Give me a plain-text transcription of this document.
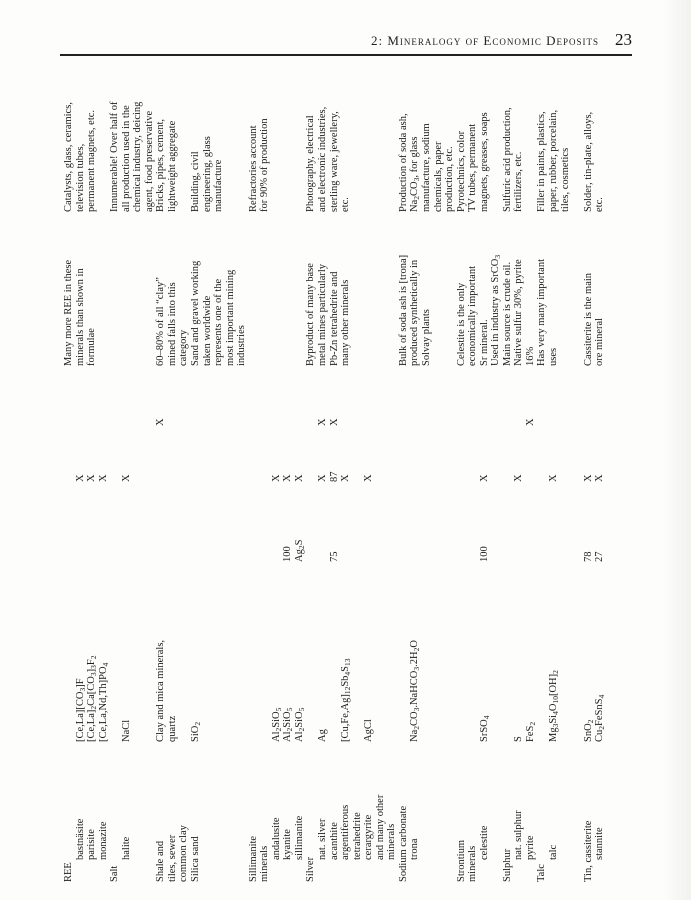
2: Mineralogy of Economic Deposits 23
REE
Many more REE in these
Catalysts, glass, ceramics,
bastnäsite
$[Ce,La][CO_3]F$
X
minerals than shown in
television tubes,
parisite
$[Ce,La]_2Ca[CO_3]_3F_2$
X
formulae
permanent magnets, etc.
monazite
$[Ce,La,Nd,Th]PO_4$
X
Salt
Innumerable! Over half of
halite
NaCl
X
all production used in the chemical industry, deicing agent, food preservative
Shale and
Clay and mica minerals,
X
60–80% of all “clay”
Bricks, pipes, cement,
tiles, sewer
quartz
mined falls into this
lightweight aggregate
common clay
category
Silica sand
SiO$_2$
Sand and gravel working
Building, civil
taken worldwide
engineering, glass
represents one of the
manufacture
most important mining industries
Sillimanite
Refractories account
minerals
for 90% of production
andalusite
$Al_2SiO_5$
X
kyanite
$Al_2SiO_5$
100
X
sillimanite
$Al_2SiO_5$
$Ag_2S$
X
Silver
Byproduct of many base
Photography, electrical
nat. silver
Ag
X
X
metal mines particularly
and electronic industries,
acanthite
75
87
X
Pb-Zn tetrahedrite and
sterling ware, jewellery,
argentiferous
$[Cu,Fe,Ag]_{12}Sb_4S_{13}$
X
many other minerals
etc.
tetrahedrite cerargyrite
AgCl
X
and many other minerals Sodium carbonate
Bulk of soda ash is [trona]
Production of soda ash,
trona
$Na_2CO_3.NaHCO_3.2H_2O$
produced synthetically in
$Na_2CO_3$, for glass
Solvay plants
manufacture, sodium chemicals, paper production, etc.
Strontium
Celestite is the only
Pyrotechnics, color
minerals
economically important
TV tubes, permanent
celestite
SrSO$_4$
100
X
Sr mineral.
magnets, greases, soaps
Used in industry as SrCO$_3$
Sulphur
Main source is crude oil.
Sulfuric acid production,
nat. sulphur
S
X
Native sulfur 30%, pyrite
fertilizers, etc.
pyrite
FeS$_2$
X
16%
Talc
Has very many important
Filler in paints, plastics,
talc
$Mg_3Si_4O_{10}[OH]_2$
X
uses
paper, rubber, porcelain, tiles, cosmetics
Tin, cassiterite
SnO$_2$
78
X
Cassiterite is the main
Solder, tin-plate, alloys,
stannite
$Cu_2FeSnS_4$
27
X
ore mineral
etc.
